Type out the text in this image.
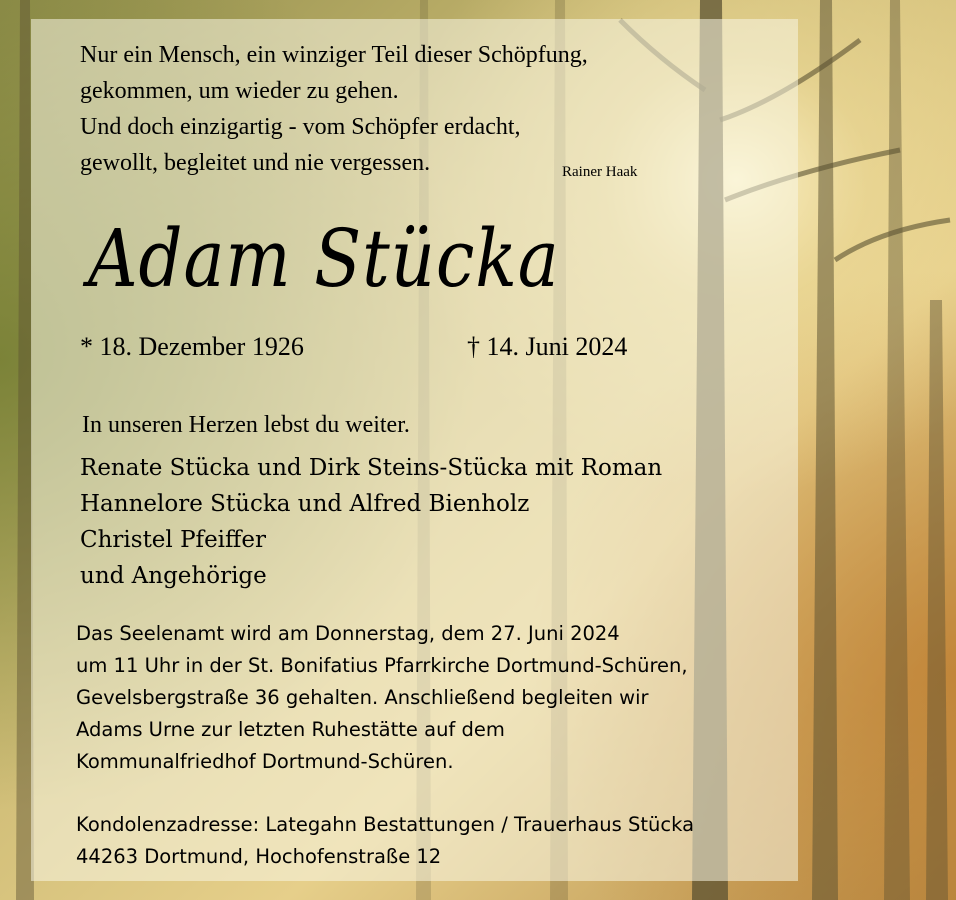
Nur ein Mensch, ein winziger Teil dieser Schöpfung,
gekommen, um wieder zu gehen.
Und doch einzigartig - vom Schöpfer erdacht,
gewollt, begleitet und nie vergessen.	Rainer Haak
Adam Stücka
* 18. Dezember 1926	† 14. Juni 2024
In unseren Herzen lebst du weiter.
Renate Stücka und Dirk Steins-Stücka mit Roman
Hannelore Stücka und Alfred Bienholz
Christel Pfeiffer
und Angehörige
Das Seelenamt wird am Donnerstag, dem 27. Juni 2024
um 11 Uhr in der St. Bonifatius Pfarrkirche Dortmund-Schüren,
Gevelsbergstraße 36 gehalten. Anschließend begleiten wir
Adams Urne zur letzten Ruhestätte auf dem
Kommunalfriedhof Dortmund-Schüren.
Kondolenzadresse: Lategahn Bestattungen / Trauerhaus Stücka
44263 Dortmund, Hochofenstraße 12
